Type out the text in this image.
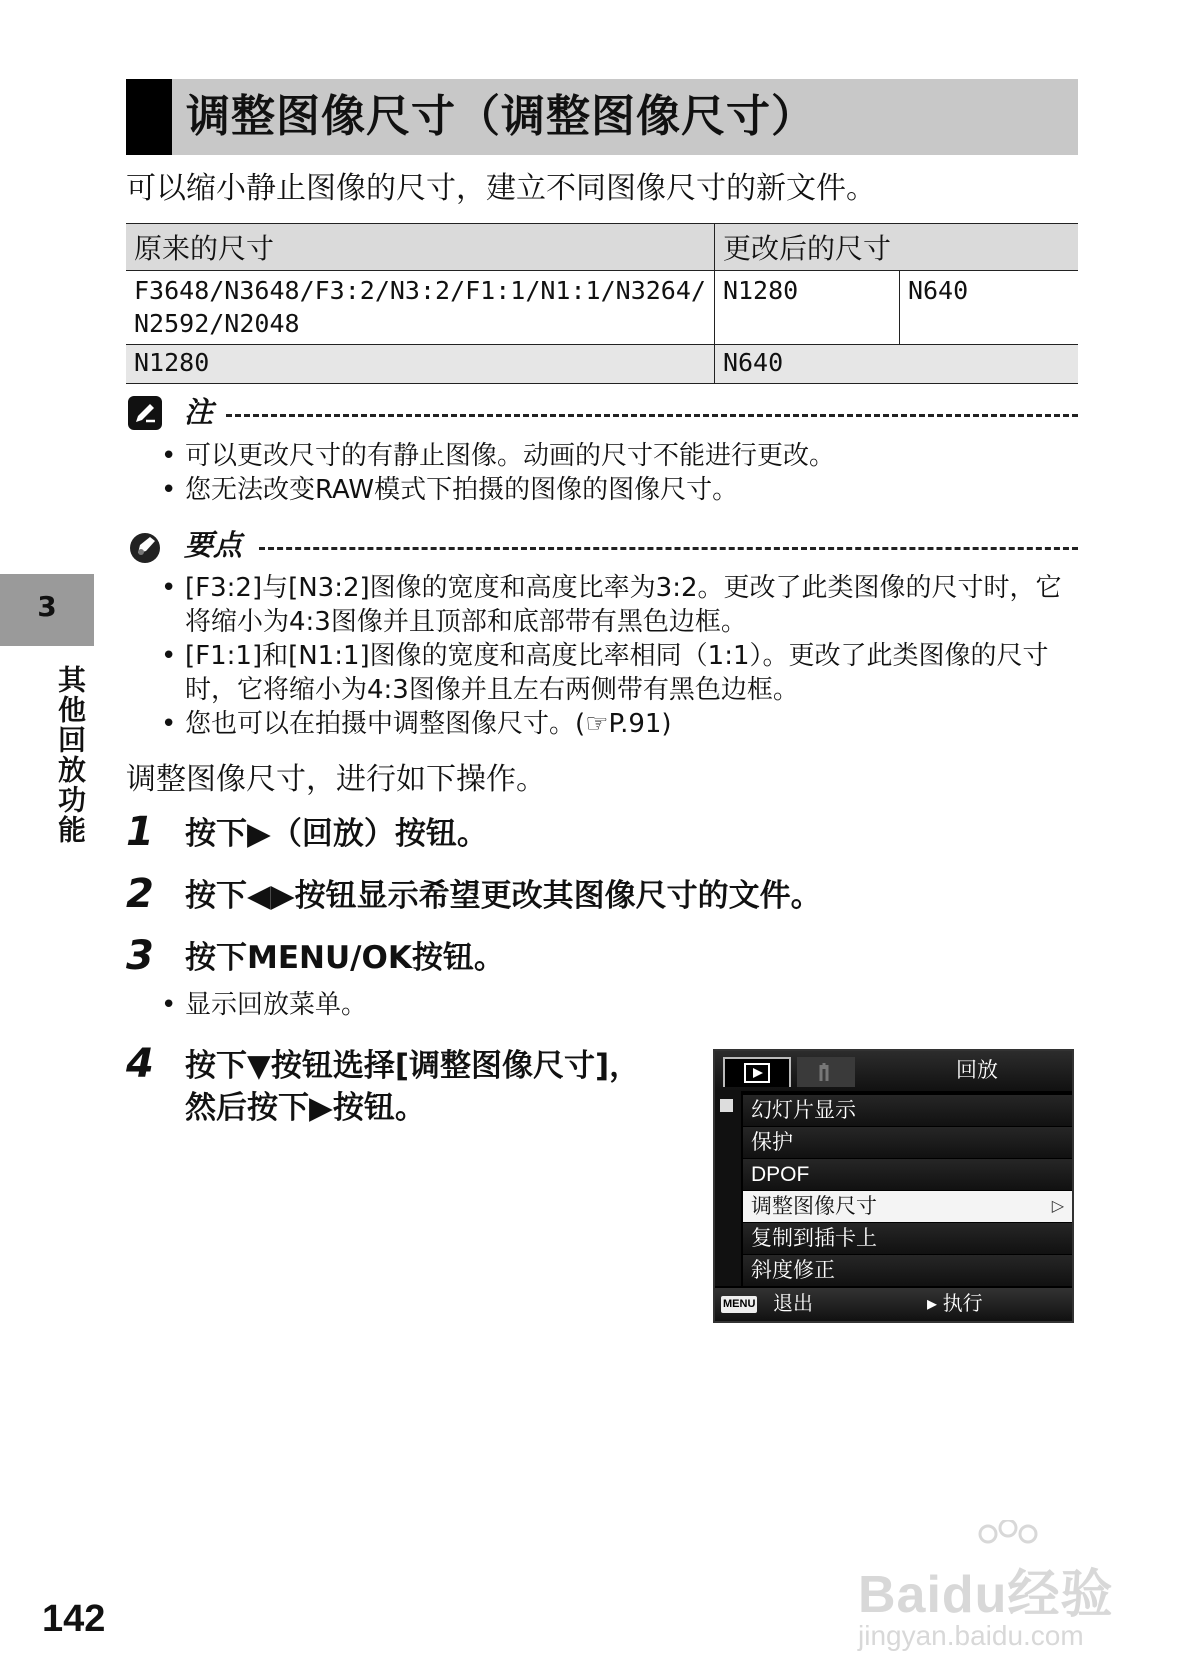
调整图像尺寸（调整图像尺寸）
可以缩小静止图像的尺寸，建立不同图像尺寸的新文件。
原来的尺寸	更改后的尺寸	
F3648/N3648/F3:2/N3:2/F1:1/N1:1/N3264/ N2592/N2048	N1280	N640
N1280	N640	
注
• 可以更改尺寸的有静止图像。动画的尺寸不能进行更改。
• 您无法改变RAW模式下拍摄的图像的图像尺寸。
要点
• [F3:2]与[N3:2]图像的宽度和高度比率为3:2。更改了此类图像的尺寸时，它将缩小为4:3图像并且顶部和底部带有黑色边框。
• [F1:1]和[N1:1]图像的宽度和高度比率相同（1:1）。更改了此类图像的尺寸时，它将缩小为4:3图像并且左右两侧带有黑色边框。
• 您也可以在拍摄中调整图像尺寸。(☞P.91)
调整图像尺寸，进行如下操作。
1 按下▶（回放）按钮。
2 按下◀▶按钮显示希望更改其图像尺寸的文件。
3 按下MENU/OK按钮。
• 显示回放菜单。
4 按下▼按钮选择[调整图像尺寸]，
然后按下▶按钮。
回放
幻灯片显示
保护
DPOF
调整图像尺寸	▷
复制到插卡上
斜度修正
MENU 退出	▸ 执行
3
其他回放功能
142	Baidu经验
jingyan.baidu.com
